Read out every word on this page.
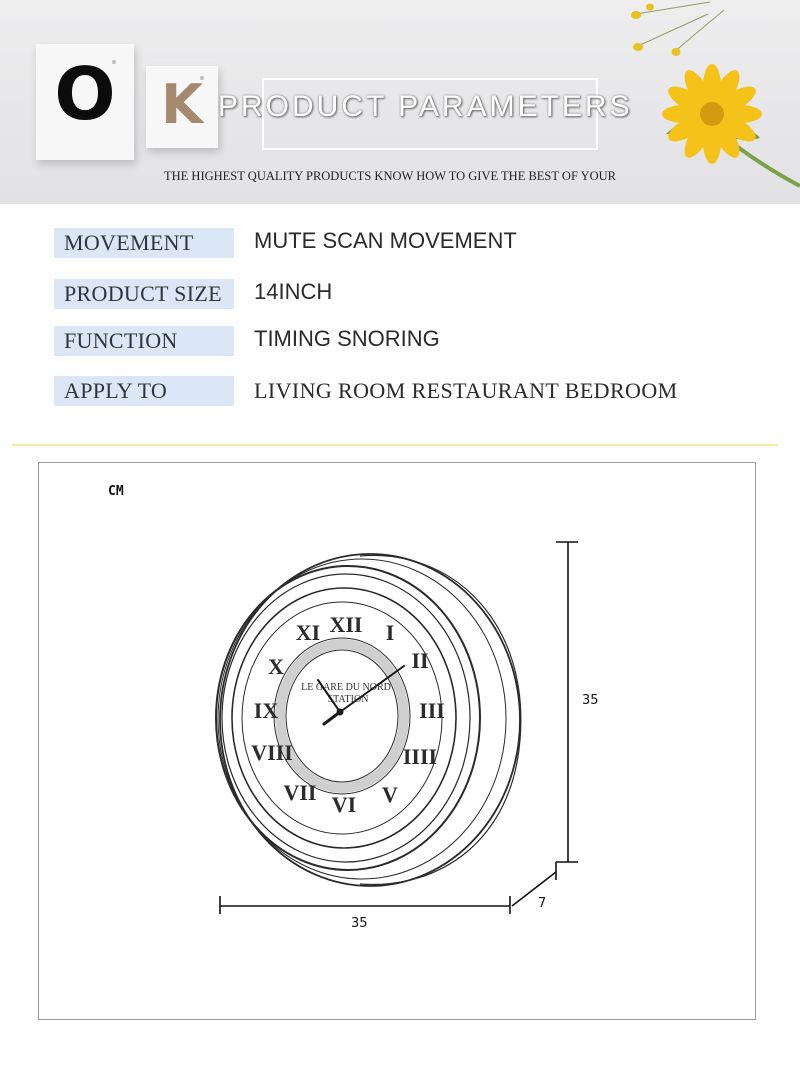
O K PRODUCT PARAMETERS
THE HIGHEST QUALITY PRODUCTS KNOW HOW TO GIVE THE BEST OF YOUR
MOVEMENT	MUTE SCAN MOVEMENT
PRODUCT SIZE	14INCH
FUNCTION	TIMING SNORING
APPLY TO	LIVING ROOM RESTAURANT BEDROOM
CM
XII I
II
III
IIII
V
VI
VII
VIII
IX
X
XI
LE GARE DU NORD
STATION	35
35
7
